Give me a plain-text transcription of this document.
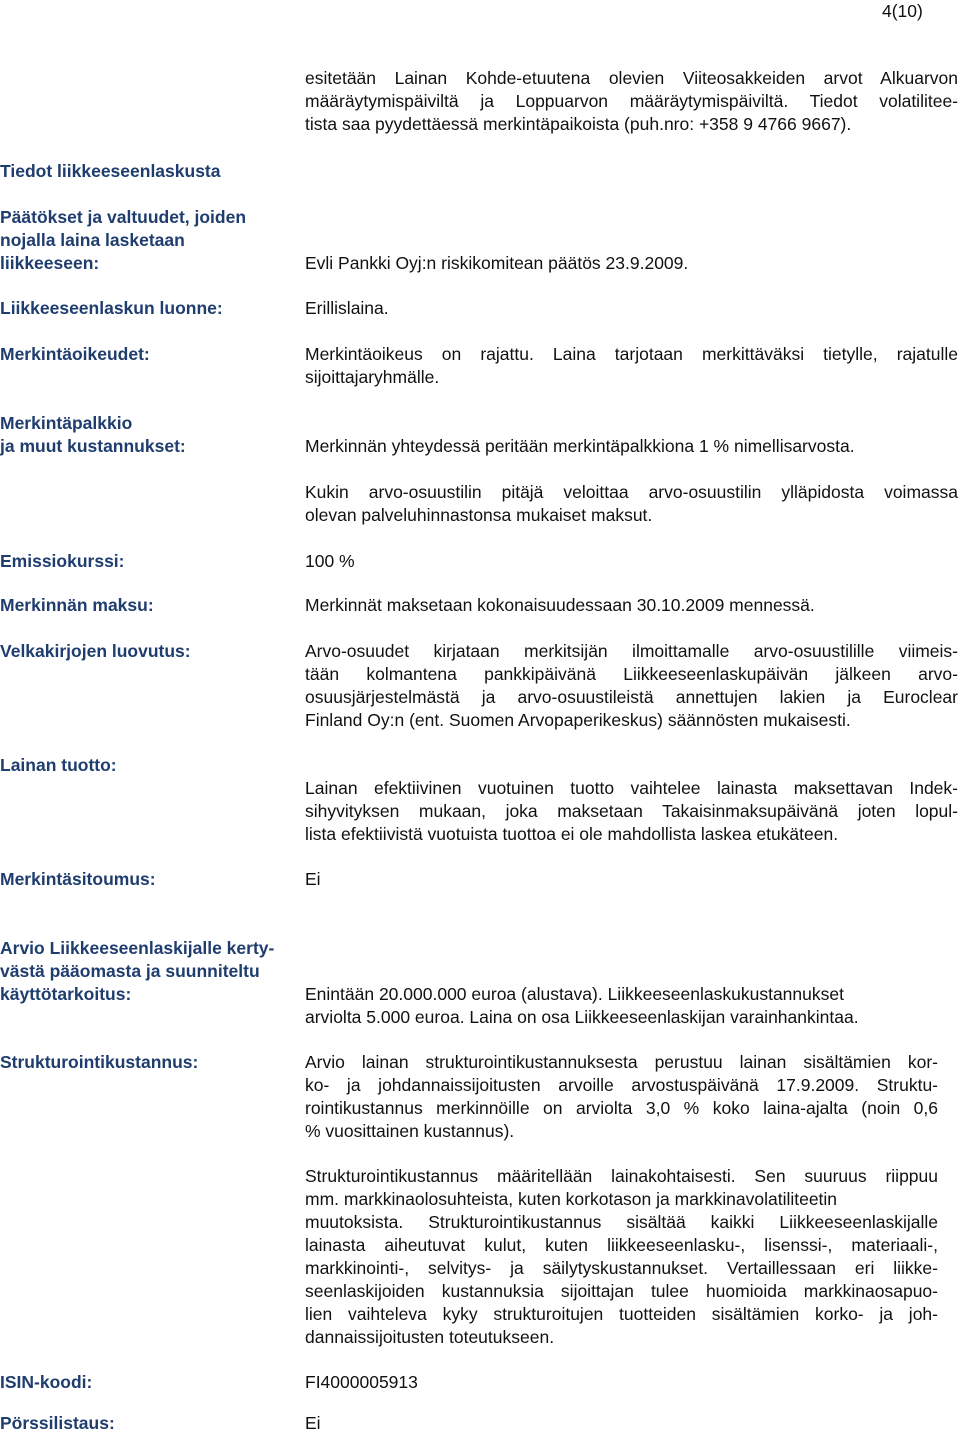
4(10)
esitetään Lainan Kohde-etuutena olevien Viiteosakkeiden arvot Alkuarvon
määräytymispäiviltä ja Loppuarvon määräytymispäiviltä. Tiedot volatilitee-
tista saa pyydettäessä merkintäpaikoista (puh.nro: +358 9 4766 9667).
Tiedot liikkeeseenlaskusta
Päätökset ja valtuudet, joiden
nojalla laina lasketaan
liikkeeseen:	Evli Pankki Oyj:n riskikomitean päätös 23.9.2009.
Liikkeeseenlaskun luonne:	Erillislaina.
Merkintäoikeudet:	Merkintäoikeus on rajattu. Laina tarjotaan merkittäväksi tietylle, rajatulle
sijoittajaryhmälle.
Merkintäpalkkio
ja muut kustannukset:	Merkinnän yhteydessä peritään merkintäpalkkiona 1 % nimellisarvosta.
Kukin arvo-osuustilin pitäjä veloittaa arvo-osuustilin ylläpidosta voimassa
olevan palveluhinnastonsa mukaiset maksut.
Emissiokurssi:	100 %
Merkinnän maksu:	Merkinnät maksetaan kokonaisuudessaan 30.10.2009 mennessä.
Velkakirjojen luovutus:	Arvo-osuudet kirjataan merkitsijän ilmoittamalle arvo-osuustilille viimeis-
tään kolmantena pankkipäivänä Liikkeeseenlaskupäivän jälkeen arvo-
osuusjärjestelmästä ja arvo-osuustileistä annettujen lakien ja Euroclear
Finland Oy:n (ent. Suomen Arvopaperikeskus) säännösten mukaisesti.
Lainan tuotto:
Lainan efektiivinen vuotuinen tuotto vaihtelee lainasta maksettavan Indek-
sihyvityksen mukaan, joka maksetaan Takaisinmaksupäivänä joten lopul-
lista efektiivistä vuotuista tuottoa ei ole mahdollista laskea etukäteen.
Merkintäsitoumus:	Ei
Arvio Liikkeeseenlaskijalle kerty-
västä pääomasta ja suunniteltu
käyttötarkoitus:	Enintään 20.000.000 euroa (alustava). Liikkeeseenlaskukustannukset
arviolta 5.000 euroa. Laina on osa Liikkeeseenlaskijan varainhankintaa.
Strukturointikustannus:	Arvio lainan strukturointikustannuksesta perustuu lainan sisältämien kor-
ko- ja johdannaissijoitusten arvoille arvostuspäivänä 17.9.2009. Struktu-
rointikustannus merkinnöille on arviolta 3,0 % koko laina-ajalta (noin 0,6
% vuosittainen kustannus).
Strukturointikustannus määritellään lainakohtaisesti. Sen suuruus riippuu
mm. markkinaolosuhteista, kuten korkotason ja markkinavolatiliteetin
muutoksista. Strukturointikustannus sisältää kaikki Liikkeeseenlaskijalle
lainasta aiheutuvat kulut, kuten liikkeeseenlasku-, lisenssi-, materiaali-,
markkinointi-, selvitys- ja säilytyskustannukset. Vertaillessaan eri liikke-
seenlaskijoiden kustannuksia sijoittajan tulee huomioida markkinaosapuo-
lien vaihteleva kyky strukturoitujen tuotteiden sisältämien korko- ja joh-
dannaissijoitusten toteutukseen.
ISIN-koodi:	FI4000005913
Pörssilistaus:	Ei
